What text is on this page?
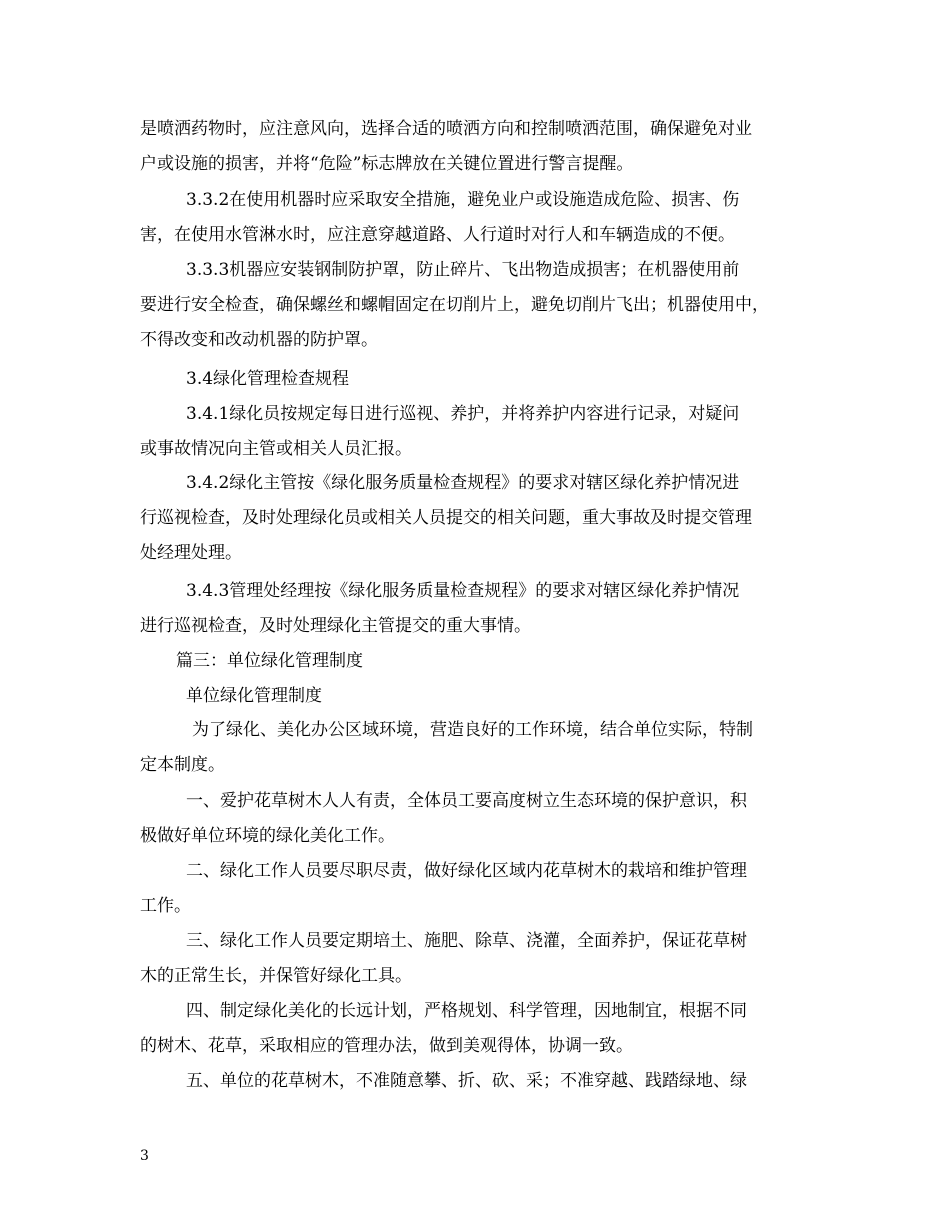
是喷洒药物时，应注意风向，选择合适的喷洒方向和控制喷洒范围，确保避免对业
户或设施的损害，并将“危险”标志牌放在关键位置进行警言提醒。
3.3.2在使用机器时应采取安全措施，避免业户或设施造成危险、损害、伤
害，在使用水管淋水时，应注意穿越道路、人行道时对行人和车辆造成的不便。
3.3.3机器应安装钢制防护罩，防止碎片、飞出物造成损害；在机器使用前
要进行安全检查，确保螺丝和螺帽固定在切削片上，避免切削片飞出；机器使用中，
不得改变和改动机器的防护罩。
3.4绿化管理检查规程
3.4.1绿化员按规定每日进行巡视、养护，并将养护内容进行记录，对疑问
或事故情况向主管或相关人员汇报。
3.4.2绿化主管按《绿化服务质量检查规程》的要求对辖区绿化养护情况进
行巡视检查，及时处理绿化员或相关人员提交的相关问题，重大事故及时提交管理
处经理处理。
3.4.3管理处经理按《绿化服务质量检查规程》的要求对辖区绿化养护情况
进行巡视检查，及时处理绿化主管提交的重大事情。
篇三：单位绿化管理制度
单位绿化管理制度
为了绿化、美化办公区域环境，营造良好的工作环境，结合单位实际，特制
定本制度。
一、爱护花草树木人人有责，全体员工要高度树立生态环境的保护意识，积
极做好单位环境的绿化美化工作。
二、绿化工作人员要尽职尽责，做好绿化区域内花草树木的栽培和维护管理
工作。
三、绿化工作人员要定期培土、施肥、除草、浇灌，全面养护，保证花草树
木的正常生长，并保管好绿化工具。
四、制定绿化美化的长远计划，严格规划、科学管理，因地制宜，根据不同
的树木、花草，采取相应的管理办法，做到美观得体，协调一致。
五、单位的花草树木，不准随意攀、折、砍、采；不准穿越、践踏绿地、绿
3
